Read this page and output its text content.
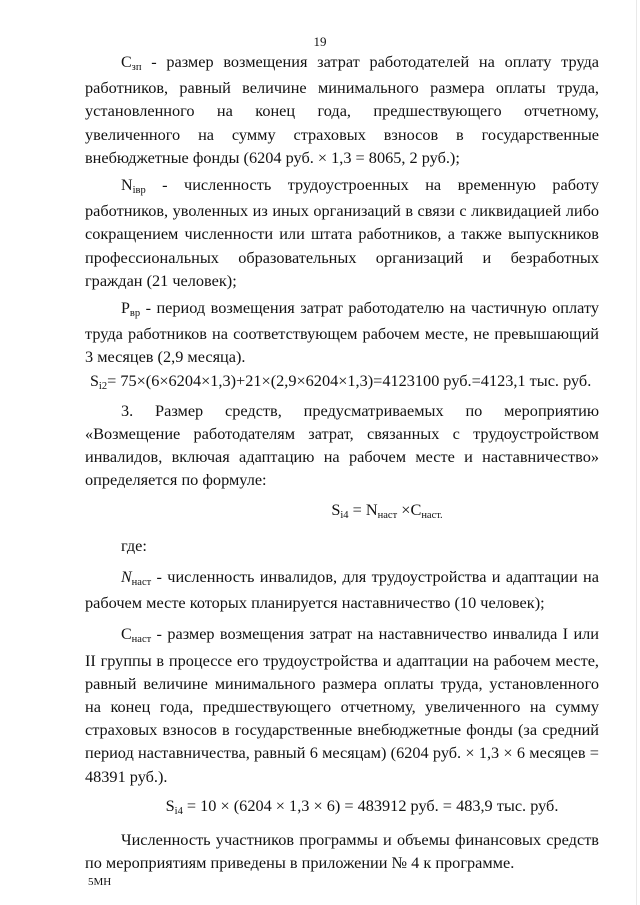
19

Сзп - размер возмещения затрат работодателей на оплату труда работников, равный величине минимального размера оплаты труда, установленного на конец года, предшествующего отчетному, увеличенного на сумму страховых взносов в государственные внебюджетные фонды (6204 руб. × 1,3 = 8065, 2 руб.);

Niвр - численность трудоустроенных на временную работу работников, уволенных из иных организаций в связи с ликвидацией либо сокращением численности или штата работников, а также выпускников профессиональных образовательных организаций и безработных граждан (21 человек);

Рвр - период возмещения затрат работодателю на частичную оплату труда работников на соответствующем рабочем месте, не превышающий 3 месяцев (2,9 месяца).

Si2= 75×(6×6204×1,3)+21×(2,9×6204×1,3)=4123100 руб.=4123,1 тыс. руб.

3. Размер средств, предусматриваемых по мероприятию «Возмещение работодателям затрат, связанных с трудоустройством инвалидов, включая адаптацию на рабочем месте и наставничество» определяется по формуле:

Si4 = Nнаст ×Снаст.

где:

Nнаст - численность инвалидов, для трудоустройства и адаптации на рабочем месте которых планируется наставничество (10 человек);

Снаст - размер возмещения затрат на наставничество инвалида I или II группы в процессе его трудоустройства и адаптации на рабочем месте, равный величине минимального размера оплаты труда, установленного на конец года, предшествующего отчетному, увеличенного на сумму страховых взносов в государственные внебюджетные фонды (за средний период наставничества, равный 6 месяцам) (6204 руб. × 1,3 × 6 месяцев = 48391 руб.).

Si4 = 10 × (6204 × 1,3 × 6) = 483912 руб. = 483,9 тыс. руб.

Численность участников программы и объемы финансовых средств по мероприятиям приведены в приложении № 4 к программе.

5МН
